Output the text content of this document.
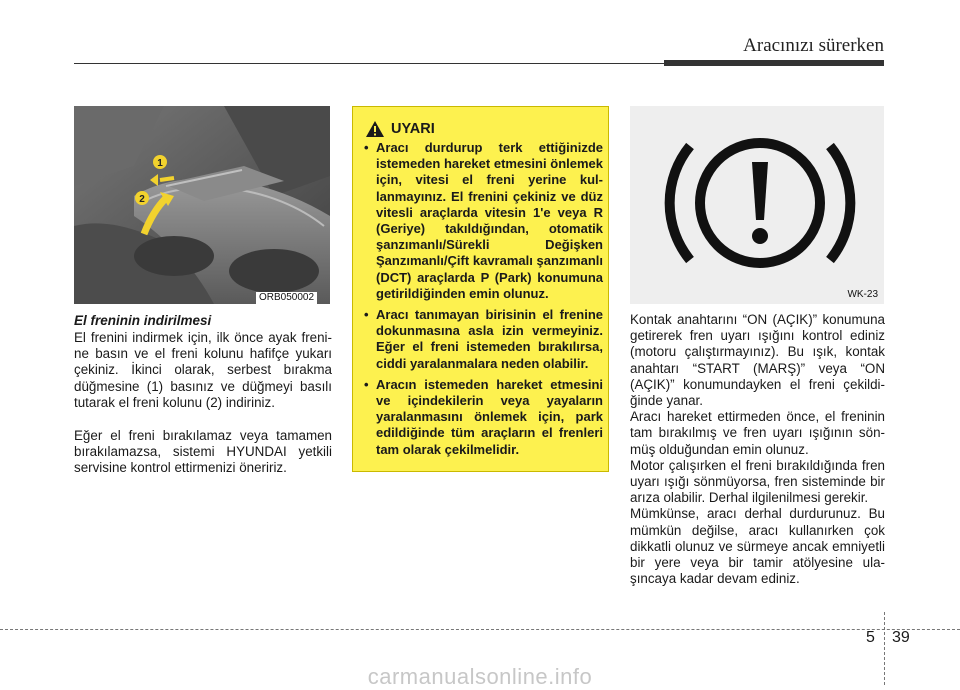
Aracınızı sürerken
1
2
ORB050002
El freninin indirilmesi

El frenini indirmek için, ilk önce ayak frenine basın ve el freni kolunu hafifçe yukarı çekiniz. İkinci olarak, serbest bırakma düğmesine (1) basınız ve düğmeyi basılı tutarak el freni kolunu (2) indiriniz.

Eğer el freni bırakılamaz veya tamamen bırakılamazsa, sistemi HYUNDAI yetkili servisine kontrol ettirmenizi öneririz.

UYARI
• Aracı durdurup terk ettiğinizde istemeden hareket etmesini önlemek için, vitesi el freni yerine kullanmayınız. El frenini çekiniz ve düz vitesli araçlarda vitesin 1'e veya R (Geriye) takıldığından, otomatik şanzımanlı/Sürekli Değişken Şanzımanlı/Çift kavramalı şanzımanlı (DCT) araçlarda P (Park) konumuna getirildiğinden emin olunuz.
• Aracı tanımayan birisinin el frenine dokunmasına asla izin vermeyiniz. Eğer el freni istemeden bırakılırsa, ciddi yaralanmalara neden olabilir.
• Aracın istemeden hareket etmesini ve içindekilerin veya yayaların yaralanmasını önlemek için, park edildiğinde tüm araçların el frenleri tam olarak çekilmelidir.
WK-23

Kontak anahtarını “ON (AÇIK)” konumuna getirerek fren uyarı ışığını kontrol ediniz (motoru çalıştırmayınız). Bu ışık, kontak anahtarı “START (MARŞ)” veya “ON (AÇIK)” konumundayken el freni çekildiğinde yanar.
Aracı hareket ettirmeden önce, el freninin tam bırakılmış ve fren uyarı ışığının sönmüş olduğundan emin olunuz.
Motor çalışırken el freni bırakıldığında fren uyarı ışığı sönmüyorsa, fren sisteminde bir arıza olabilir. Derhal ilgilenilmesi gerekir.
Mümkünse, aracı derhal durdurunuz. Bu mümkün değilse, aracı kullanırken çok dikkatli olunuz ve sürmeye ancak emniyetli bir yere veya bir tamir atölyesine ulaşıncaya kadar devam ediniz.

5 39
carmanualsonline.info
